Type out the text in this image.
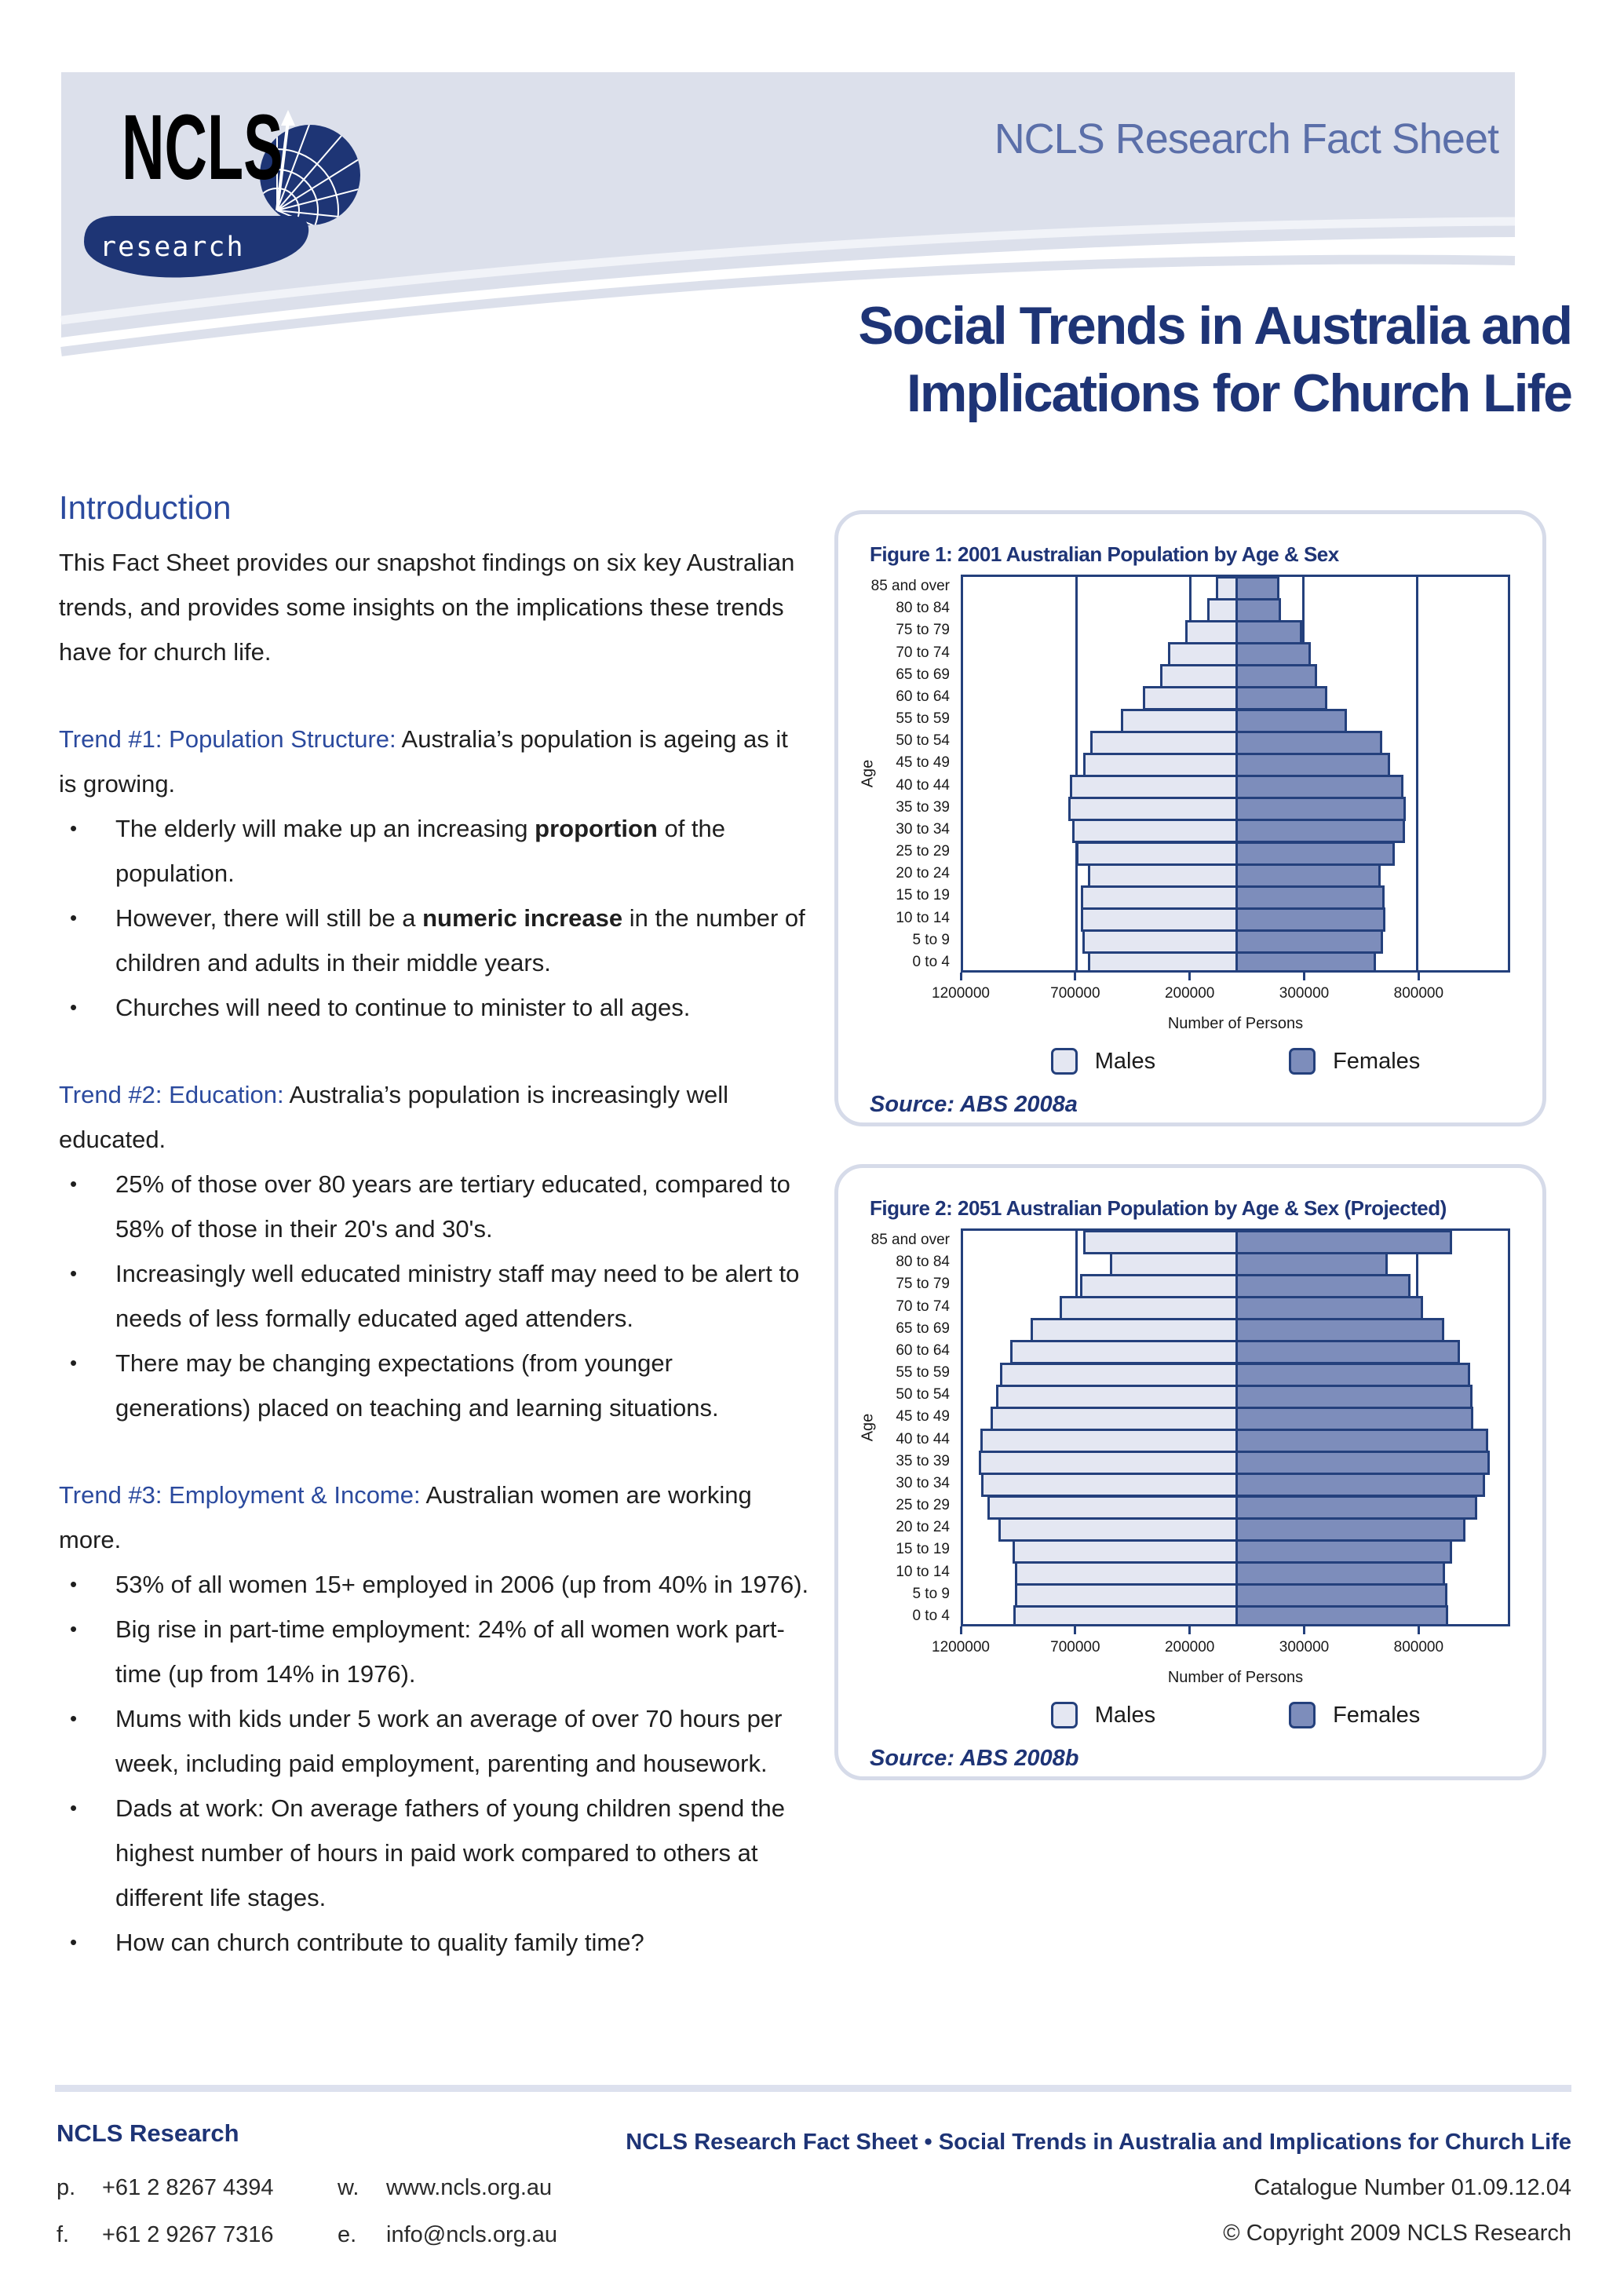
NCLS
research
NCLS Research Fact Sheet
Social Trends in Australia and
Implications for Church Life
Introduction

This Fact Sheet provides our snapshot findings on six key Australian trends, and provides some insights on the implications these trends have for church life.

Trend #1: Population Structure: Australia’s population is ageing as it is growing.

•	The elderly will make up an increasing proportion of the population.
•	However, there will still be a numeric increase in the number of children and adults in their middle years.
•	Churches will need to continue to minister to all ages.

Trend #2: Education: Australia’s population is increasingly well educated.

•	25% of those over 80 years are tertiary educated, compared to 58% of those in their 20's and 30's.
•	Increasingly well educated ministry staff may need to be alert to needs of less formally educated aged attenders.
•	There may be changing expectations (from younger generations) placed on teaching and learning situations.

Trend #3: Employment & Income: Australian women are working more.

•	53% of all women 15+ employed in 2006 (up from 40% in 1976).
•	Big rise in part-time employment: 24% of all women work part-time (up from 14% in 1976).
•	Mums with kids under 5 work an average of over 70 hours per week, including paid employment, parenting and housework.
•	Dads at work: On average fathers of young children spend the highest number of hours in paid work compared to others at different life stages.
•	How can church contribute to quality family time?
Figure 1: 2001 Australian Population by Age & Sex
Age
85 and over
80 to 84
75 to 79
70 to 74
65 to 69
60 to 64
55 to 59
50 to 54
45 to 49
40 to 44
35 to 39
30 to 34
25 to 29
20 to 24
15 to 19
10 to 14
5 to 9
0 to 4
1200000	700000	200000	300000	800000
Number of Persons
Males	Females
Source: ABS 2008a
Figure 2: 2051 Australian Population by Age & Sex (Projected)
Age
85 and over
80 to 84
75 to 79
70 to 74
65 to 69
60 to 64
55 to 59
50 to 54
45 to 49
40 to 44
35 to 39
30 to 34
25 to 29
20 to 24
15 to 19
10 to 14
5 to 9
0 to 4
1200000	700000	200000	300000	800000
Number of Persons
Males	Females
Source: ABS 2008b
NCLS Research
p.	+61 2 8267 4394	w.	www.ncls.org.au
f.	+61 2 9267 7316	e.	info@ncls.org.au
NCLS Research Fact Sheet • Social Trends in Australia and Implications for Church Life
Catalogue Number 01.09.12.04
© Copyright 2009 NCLS Research
